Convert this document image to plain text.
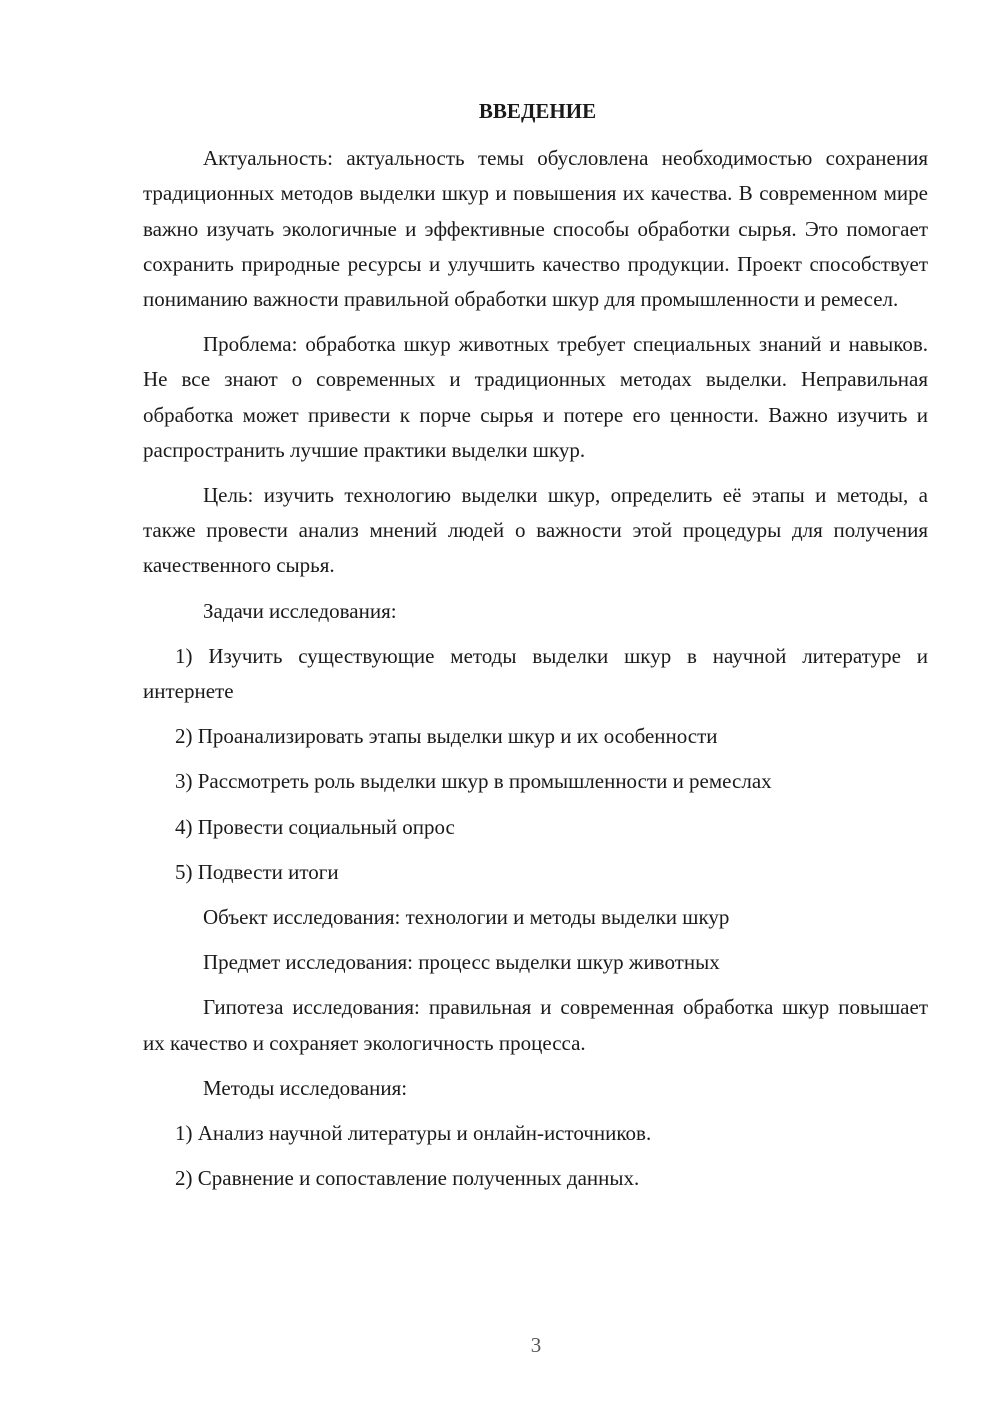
ВВЕДЕНИЕ

Актуальность: актуальность темы обусловлена необходимостью сохранения традиционных методов выделки шкур и повышения их качества. В современном мире важно изучать экологичные и эффективные способы обработки сырья. Это помогает сохранить природные ресурсы и улучшить качество продукции. Проект способствует пониманию важности правильной обработки шкур для промышленности и ремесел.

Проблема: обработка шкур животных требует специальных знаний и навыков. Не все знают о современных и традиционных методах выделки. Неправильная обработка может привести к порче сырья и потере его ценности. Важно изучить и распространить лучшие практики выделки шкур.

Цель: изучить технологию выделки шкур, определить её этапы и методы, а также провести анализ мнений людей о важности этой процедуры для получения качественного сырья.

Задачи исследования:

1) Изучить существующие методы выделки шкур в научной литературе и интернете

2) Проанализировать этапы выделки шкур и их особенности

3) Рассмотреть роль выделки шкур в промышленности и ремеслах

4) Провести социальный опрос

5) Подвести итоги

Объект исследования: технологии и методы выделки шкур

Предмет исследования: процесс выделки шкур животных

Гипотеза исследования: правильная и современная обработка шкур повышает их качество и сохраняет экологичность процесса.

Методы исследования:

1) Анализ научной литературы и онлайн-источников.

2) Сравнение и сопоставление полученных данных.

3
